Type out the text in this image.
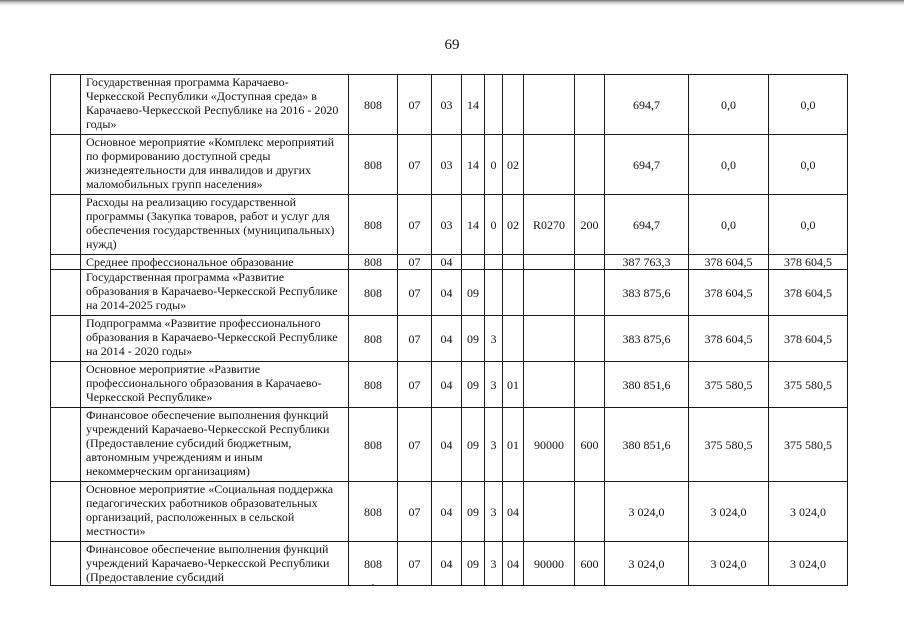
69
	Государственная программа Карачаево-Черкесской Республики «Доступная среда» в Карачаево-Черкесской Республике на 2016 - 2020 годы»	808	07	03	14					694,7	0,0	0,0
	Основное мероприятие «Комплекс мероприятий по формированию доступной среды жизнедеятельности для инвалидов и других маломобильных групп населения»	808	07	03	14	0	02			694,7	0,0	0,0
	Расходы на реализацию государственной программы (Закупка товаров, работ и услуг для обеспечения государственных (муниципальных) нужд)	808	07	03	14	0	02	R0270	200	694,7	0,0	0,0
	Среднее профессиональное образование	808	07	04						387 763,3	378 604,5	378 604,5
	Государственная программа «Развитие образования в Карачаево-Черкесской Республике на 2014-2025 годы»	808	07	04	09					383 875,6	378 604,5	378 604,5
	Подпрограмма «Развитие профессионального образования в Карачаево-Черкесской Республике на 2014 - 2020 годы»	808	07	04	09	3				383 875,6	378 604,5	378 604,5
	Основное мероприятие «Развитие профессионального образования в Карачаево-Черкесской Республике»	808	07	04	09	3	01			380 851,6	375 580,5	375 580,5
	Финансовое обеспечение выполнения функций учреждений Карачаево-Черкесской Республики (Предоставление субсидий бюджетным, автономным учреждениям и иным некоммерческим организациям)	808	07	04	09	3	01	90000	600	380 851,6	375 580,5	375 580,5
	Основное мероприятие «Социальная поддержка педагогических работников образовательных организаций, расположенных в сельской местности»	808	07	04	09	3	04			3 024,0	3 024,0	3 024,0
	Финансовое обеспечение выполнения функций учреждений Карачаево-Черкесской Республики (Предоставление субсидий	808	07	04	09	3	04	90000	600	3 024,0	3 024,0	3 024,0
